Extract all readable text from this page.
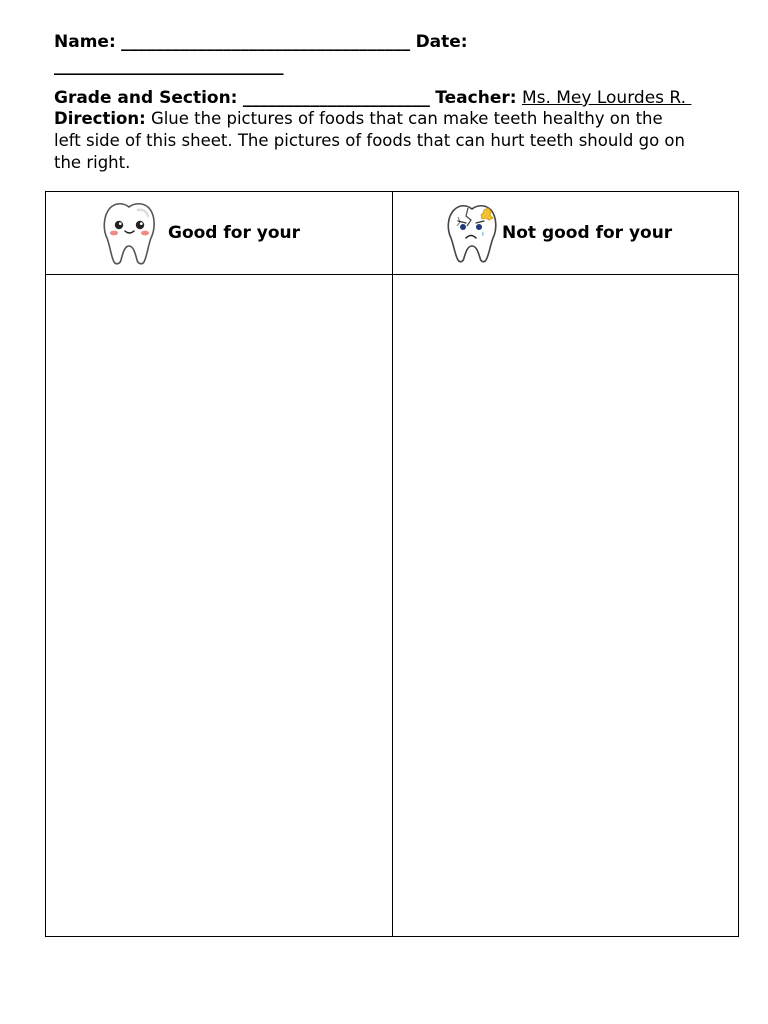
Name: __________________________________ Date:
___________________________
Grade and Section: ______________________ Teacher: Ms. Mey Lourdes R.
Direction: Glue the pictures of foods that can make teeth healthy on the left side of this sheet. The pictures of foods that can hurt teeth should go on the right.
Good for your	Not good for your
